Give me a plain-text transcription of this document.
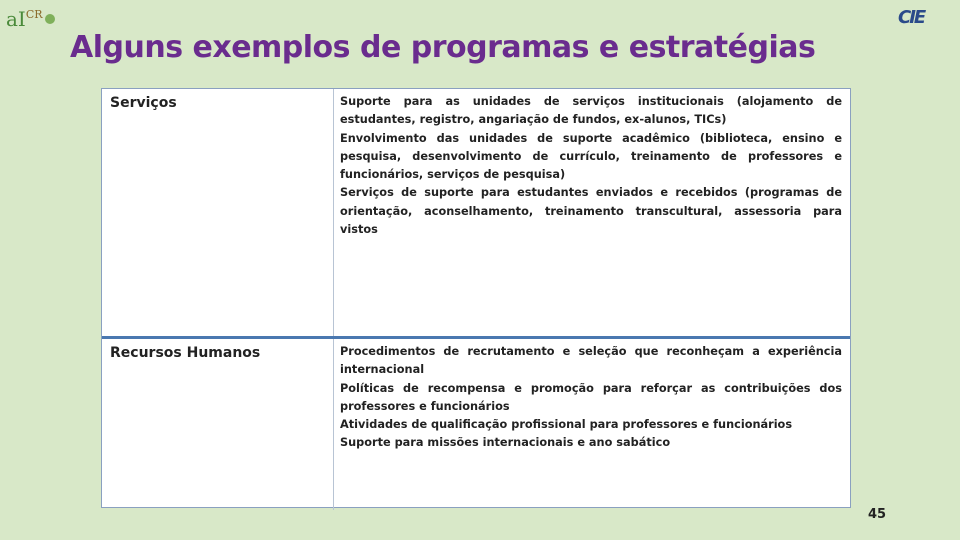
$aI^{CR}$	CIE
Alguns exemplos de programas e estratégias
Serviços	Suporte para as unidades de serviços institucionais (alojamento de estudantes, registro, angariação de fundos, ex-alunos, TICs)

Envolvimento das unidades de suporte acadêmico (biblioteca, ensino e pesquisa, desenvolvimento de currículo, treinamento de professores e funcionários, serviços de pesquisa)

Serviços de suporte para estudantes enviados e recebidos (programas de orientação, aconselhamento, treinamento transcultural, assessoria para vistos

Recursos Humanos	Procedimentos de recrutamento e seleção que reconheçam a experiência internacional

Políticas de recompensa e promoção para reforçar as contribuições dos professores e funcionários

Atividades de qualificação profissional para professores e funcionários

Suporte para missões internacionais e ano sabático

45
